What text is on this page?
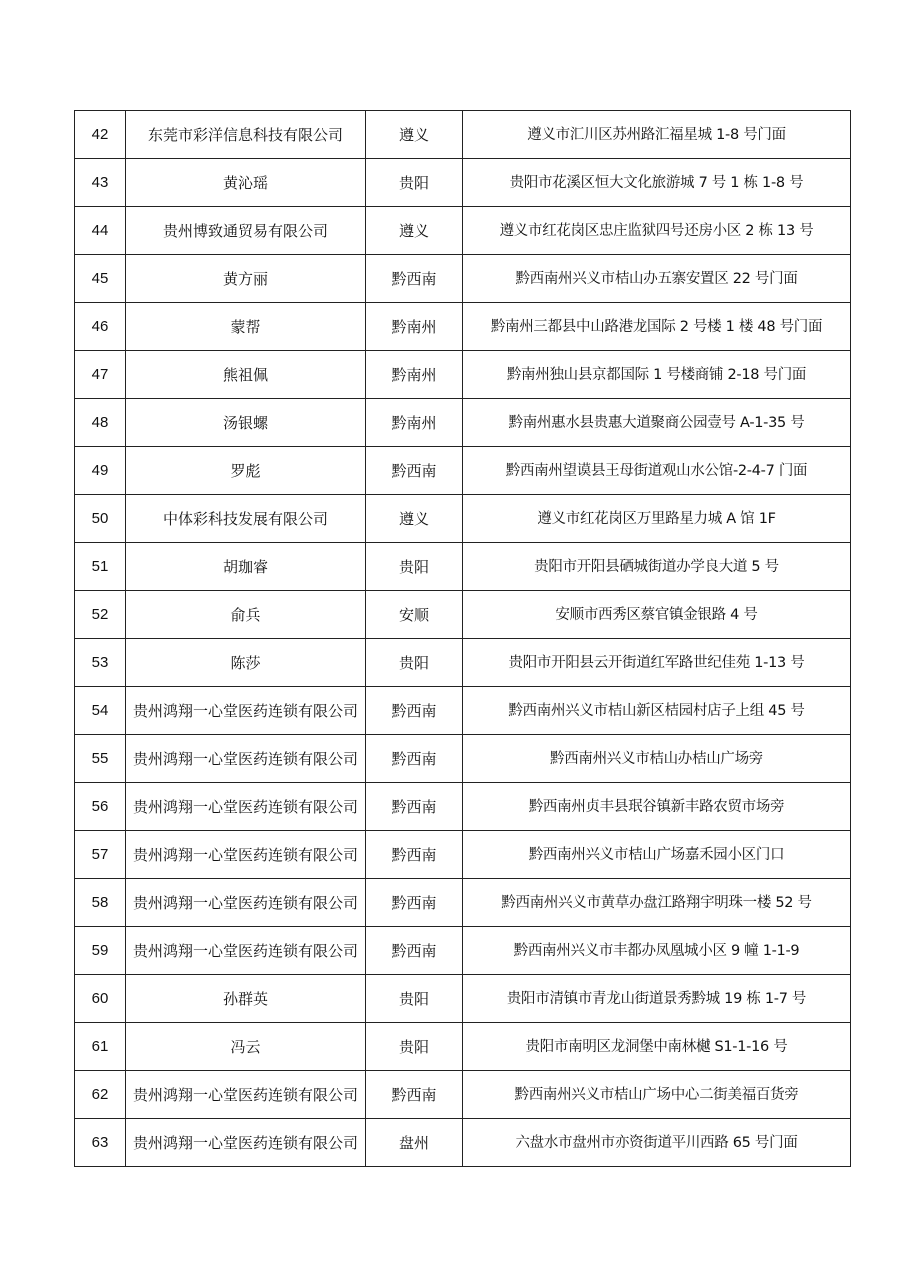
42	东莞市彩洋信息科技有限公司	遵义	遵义市汇川区苏州路汇福星城 1-8 号门面
43	黄沁瑶	贵阳	贵阳市花溪区恒大文化旅游城 7 号 1 栋 1-8 号
44	贵州博致通贸易有限公司	遵义	遵义市红花岗区忠庄监狱四号还房小区 2 栋 13 号
45	黄方丽	黔西南	黔西南州兴义市桔山办五寨安置区 22 号门面
46	蒙帮	黔南州	黔南州三都县中山路港龙国际 2 号楼 1 楼 48 号门面
47	熊祖佩	黔南州	黔南州独山县京都国际 1 号楼商铺 2-18 号门面
48	汤银螺	黔南州	黔南州惠水县贵惠大道聚商公园壹号 A-1-35 号
49	罗彪	黔西南	黔西南州望谟县王母街道观山水公馆-2-4-7 门面
50	中体彩科技发展有限公司	遵义	遵义市红花岗区万里路星力城 A 馆 1F
51	胡珈睿	贵阳	贵阳市开阳县硒城街道办学良大道 5 号
52	俞兵	安顺	安顺市西秀区蔡官镇金银路 4 号
53	陈莎	贵阳	贵阳市开阳县云开街道红军路世纪佳苑 1-13 号
54	贵州鸿翔一心堂医药连锁有限公司	黔西南	黔西南州兴义市桔山新区桔园村店子上组 45 号
55	贵州鸿翔一心堂医药连锁有限公司	黔西南	黔西南州兴义市桔山办桔山广场旁
56	贵州鸿翔一心堂医药连锁有限公司	黔西南	黔西南州贞丰县珉谷镇新丰路农贸市场旁
57	贵州鸿翔一心堂医药连锁有限公司	黔西南	黔西南州兴义市桔山广场嘉禾园小区门口
58	贵州鸿翔一心堂医药连锁有限公司	黔西南	黔西南州兴义市黄草办盘江路翔宇明珠一楼 52 号
59	贵州鸿翔一心堂医药连锁有限公司	黔西南	黔西南州兴义市丰都办凤凰城小区 9 幢 1-1-9
60	孙群英	贵阳	贵阳市清镇市青龙山街道景秀黔城 19 栋 1-7 号
61	冯云	贵阳	贵阳市南明区龙洞堡中南林樾 S1-1-16 号
62	贵州鸿翔一心堂医药连锁有限公司	黔西南	黔西南州兴义市桔山广场中心二街美福百货旁
63	贵州鸿翔一心堂医药连锁有限公司	盘州	六盘水市盘州市亦资街道平川西路 65 号门面
